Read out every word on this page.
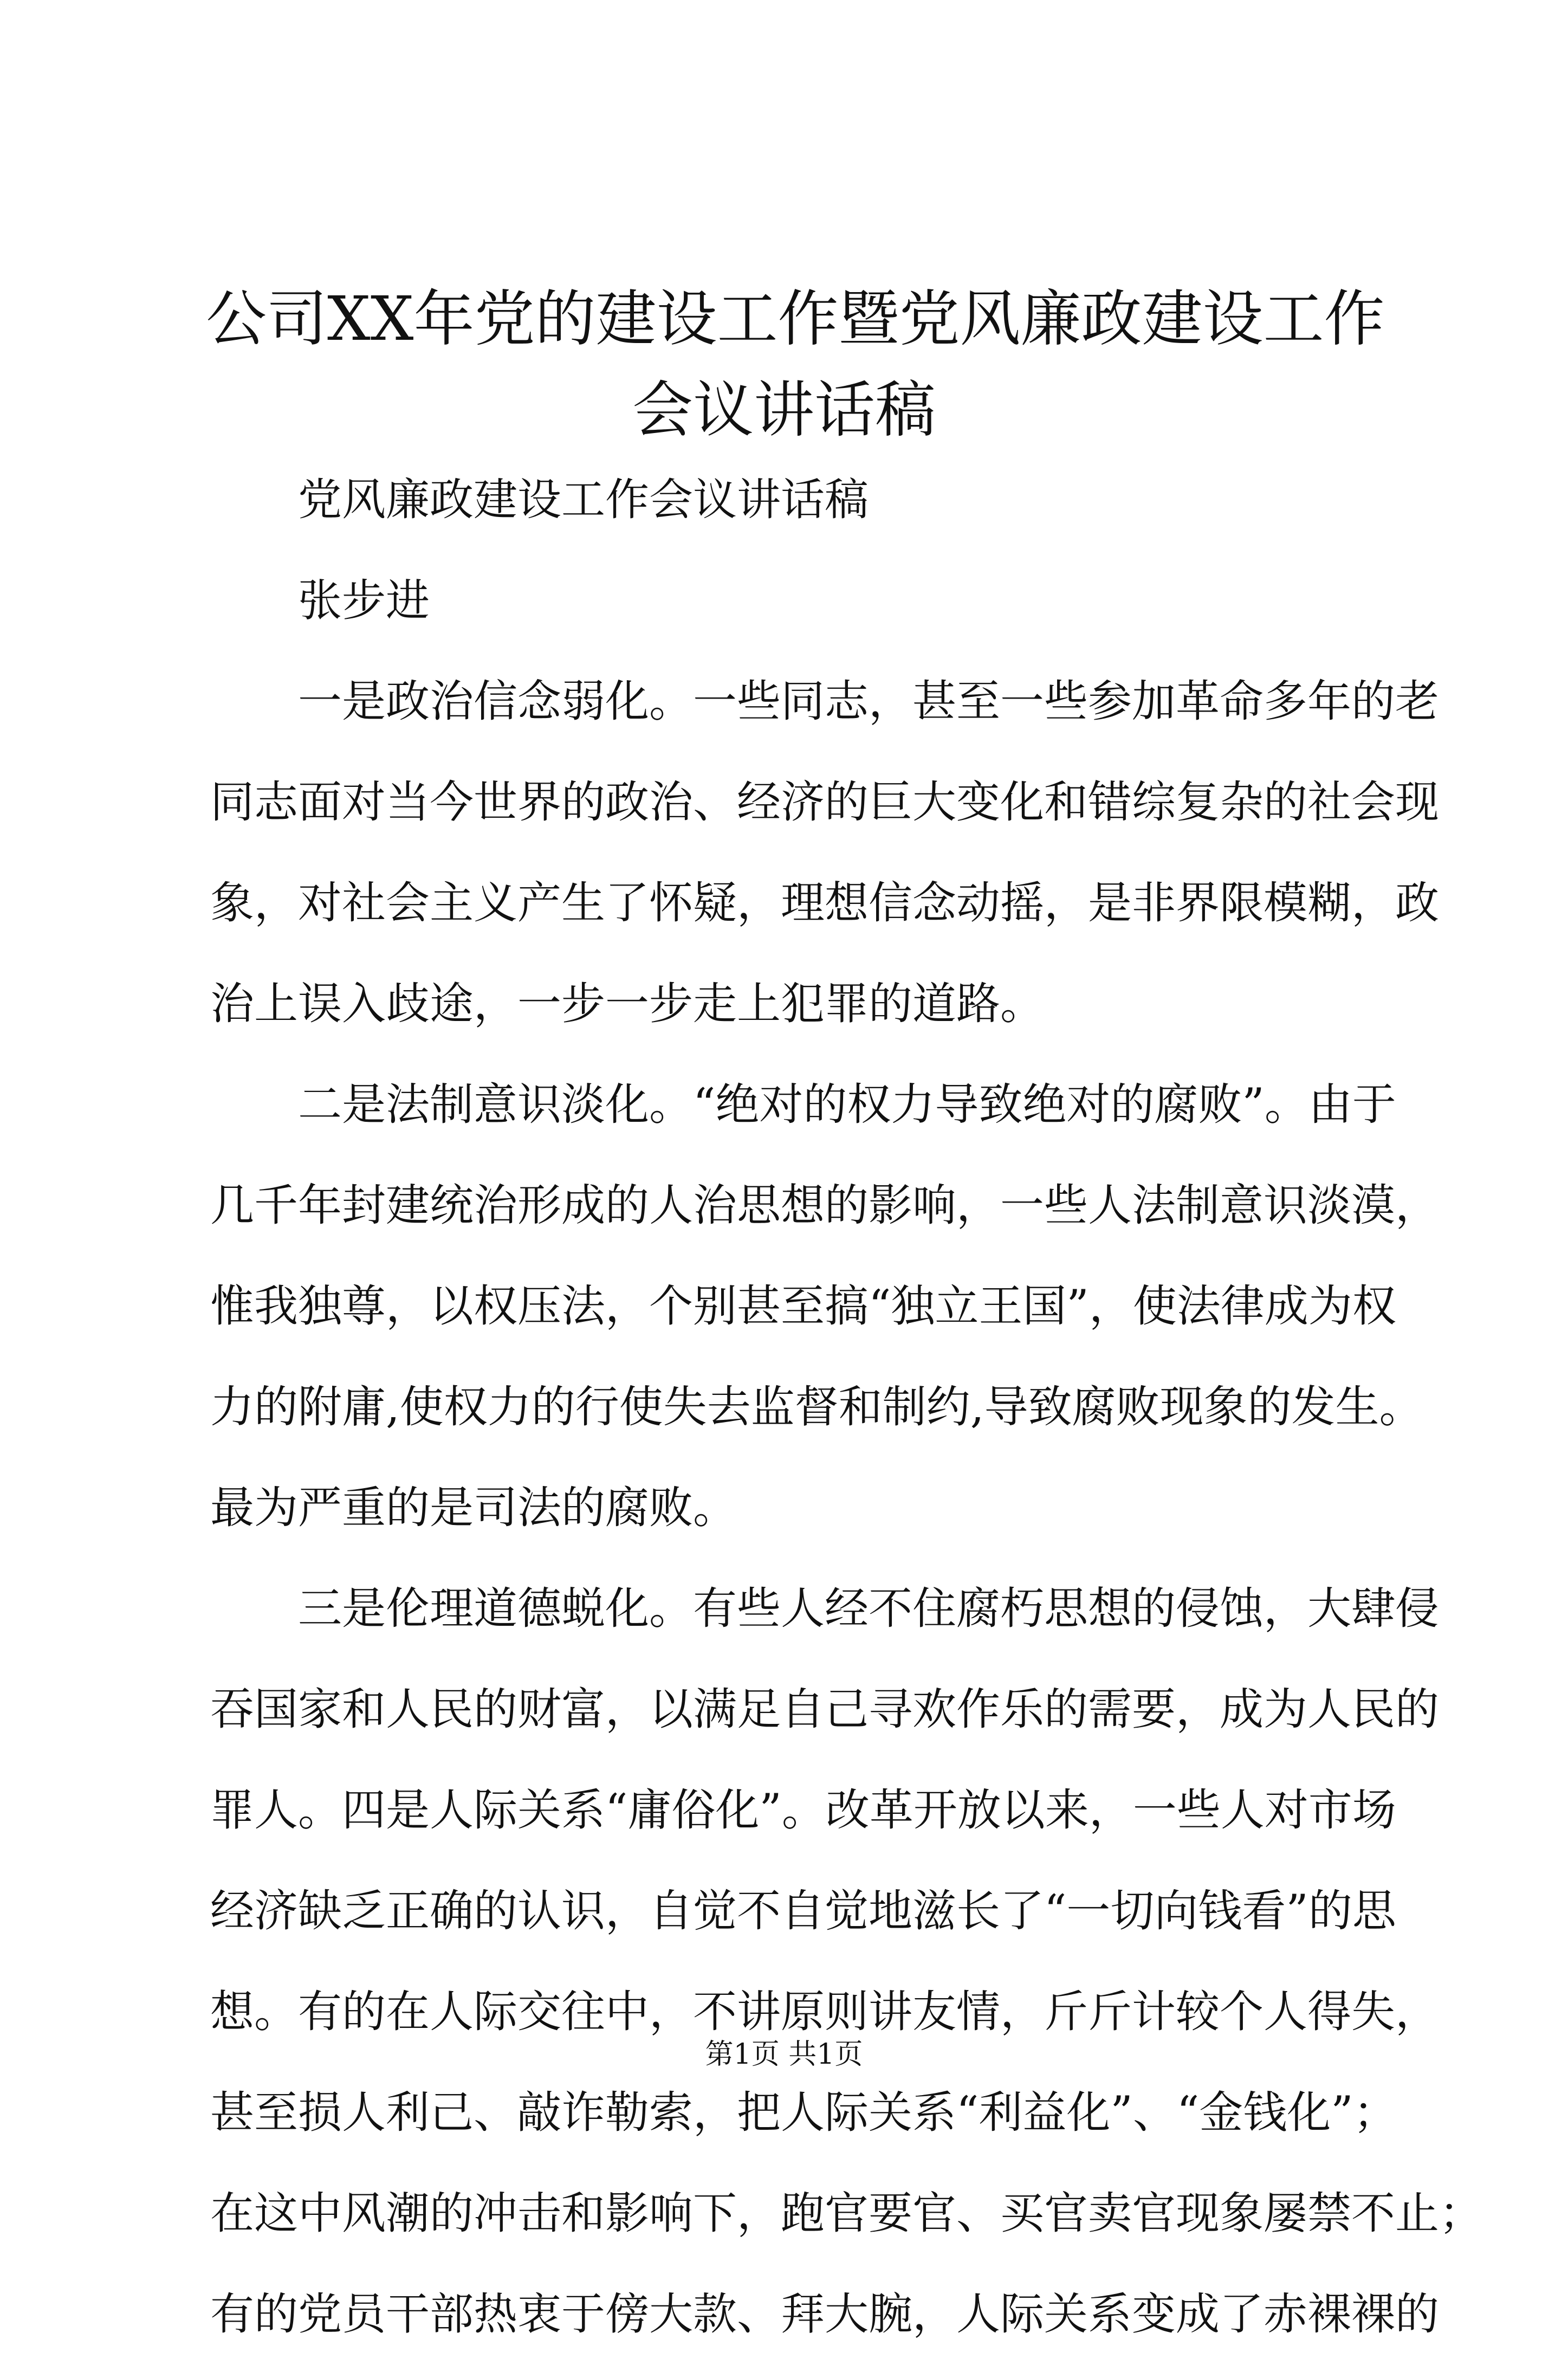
公司XX年党的建设工作暨党风廉政建设工作
会议讲话稿
党风廉政建设工作会议讲话稿
张步进
一是政治信念弱化。一些同志，甚至一些参加革命多年的老
同志面对当今世界的政治、经济的巨大变化和错综复杂的社会现
象，对社会主义产生了怀疑，理想信念动摇，是非界限模糊，政
治上误入歧途，一步一步走上犯罪的道路。
二是法制意识淡化。“绝对的权力导致绝对的腐败”。由于
几千年封建统治形成的人治思想的影响，一些人法制意识淡漠，
惟我独尊，以权压法，个别甚至搞“独立王国”，使法律成为权
力的附庸,使权力的行使失去监督和制约,导致腐败现象的发生。
最为严重的是司法的腐败。
三是伦理道德蜕化。有些人经不住腐朽思想的侵蚀，大肆侵
吞国家和人民的财富，以满足自己寻欢作乐的需要，成为人民的
罪人。四是人际关系“庸俗化”。改革开放以来，一些人对市场
经济缺乏正确的认识，自觉不自觉地滋长了“一切向钱看”的思
想。有的在人际交往中，不讲原则讲友情，斤斤计较个人得失，
甚至损人利己、敲诈勒索，把人际关系“利益化”、“金钱化”；
在这中风潮的冲击和影响下，跑官要官、买官卖官现象屡禁不止；
有的党员干部热衷于傍大款、拜大腕，人际关系变成了赤裸裸的
第1页 共1页
